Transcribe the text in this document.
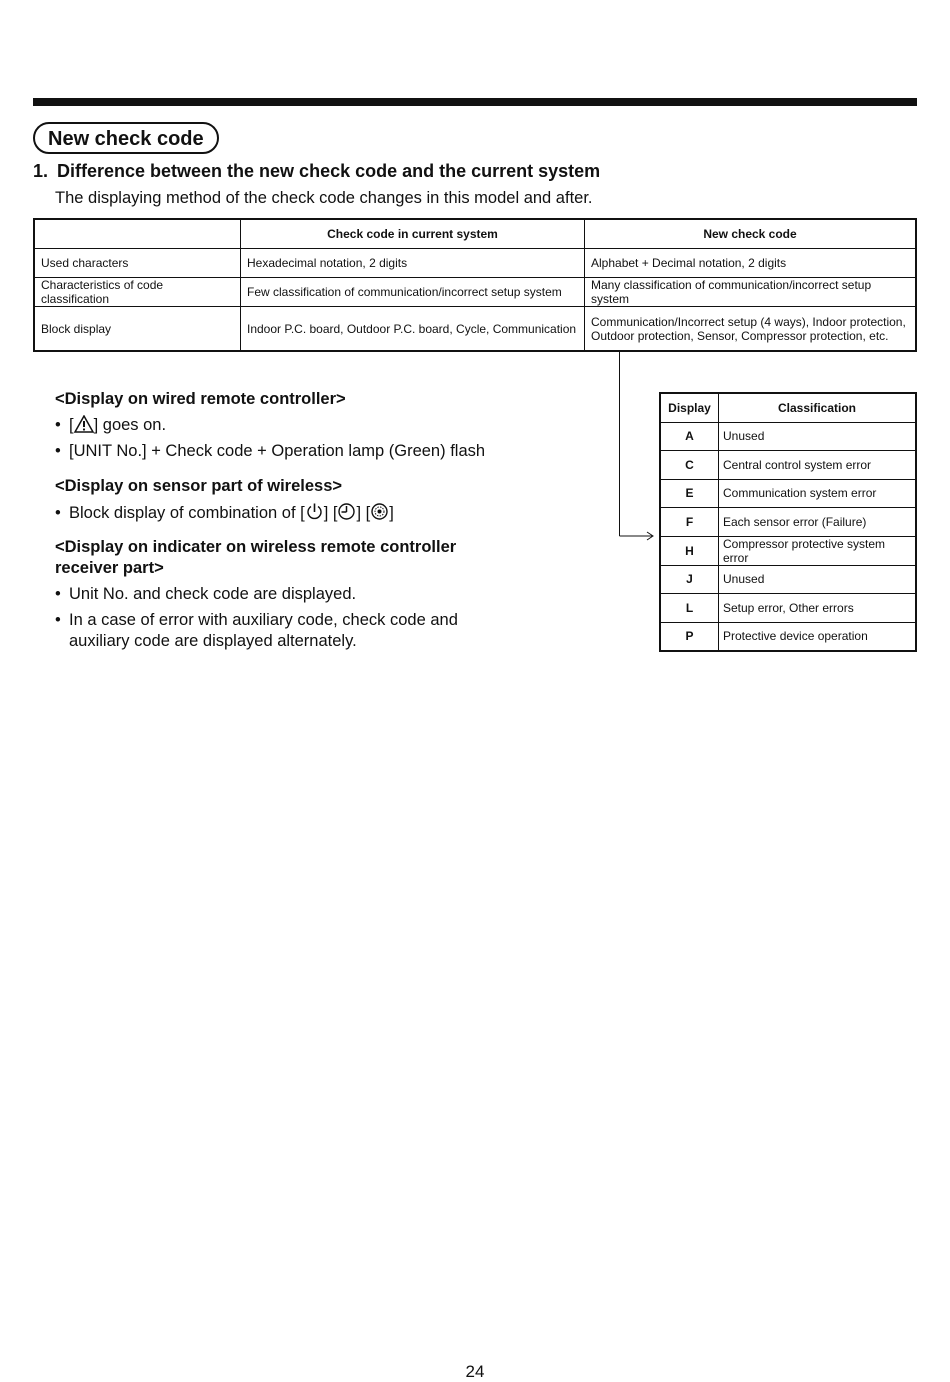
New check code
1. Difference between the new check code and the current system
The displaying method of the check code changes in this model and after.
	Check code in current system	New check code
Used characters	Hexadecimal notation, 2 digits	Alphabet + Decimal notation, 2 digits
Characteristics of code classification	Few classification of communication/incorrect setup system	Many classification of communication/incorrect setup system
Block display	Indoor P.C. board, Outdoor P.C. board, Cycle, Communication	Communication/Incorrect setup (4 ways), Indoor protection,
Outdoor protection, Sensor, Compressor protection, etc.
Display	Classification
A	Unused
C	Central control system error
E	Communication system error
F	Each sensor error (Failure)
H	Compressor protective system error
J	Unused
L	Setup error, Other errors
P	Protective device operation
<Display on wired remote controller>
• [ ] goes on.
• [UNIT No.] + Check code + Operation lamp (Green) flash
<Display on sensor part of wireless>
• Block display of combination of [ ] [ ] [ ]
<Display on indicater on wireless remote controller
receiver part>
• Unit No. and check code are displayed.
• In a case of error with auxiliary code, check code and
auxiliary code are displayed alternately.
24
